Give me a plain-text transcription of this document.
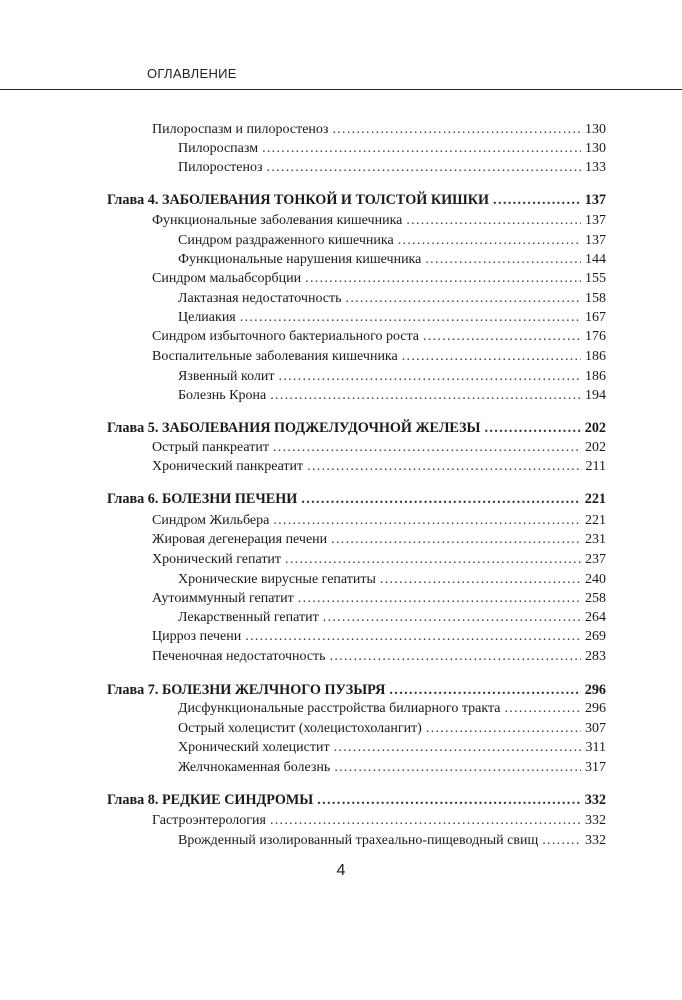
ОГЛАВЛЕНИЕ
Пилороспазм и пилоростеноз . . .	130
Пилороспазм . . .	130
Пилоростеноз . . .	133
Глава 4. ЗАБОЛЕВАНИЯ ТОНКОЙ И ТОЛСТОЙ КИШКИ . . .	137
Функциональные заболевания кишечника . . .	137
Синдром раздраженного кишечника . . .	137
Функциональные нарушения кишечника . . .	144
Синдром мальабсорбции . . .	155
Лактазная недостаточность . . .	158
Целиакия . . .	167
Синдром избыточного бактериального роста . . .	176
Воспалительные заболевания кишечника . . .	186
Язвенный колит . . .	186
Болезнь Крона . . .	194
Глава 5. ЗАБОЛЕВАНИЯ ПОДЖЕЛУДОЧНОЙ ЖЕЛЕЗЫ . . .	202
Острый панкреатит . . .	202
Хронический панкреатит . . .	211
Глава 6. БОЛЕЗНИ ПЕЧЕНИ . . .	221
Синдром Жильбера . . .	221
Жировая дегенерация печени . . .	231
Хронический гепатит . . .	237
Хронические вирусные гепатиты . . .	240
Аутоиммунный гепатит . . .	258
Лекарственный гепатит . . .	264
Цирроз печени . . .	269
Печеночная недостаточность . . .	283
Глава 7. БОЛЕЗНИ ЖЕЛЧНОГО ПУЗЫРЯ . . .	296
Дисфункциональные расстройства билиарного тракта . . .	296
Острый холецистит (холецистохолангит) . . .	307
Хронический холецистит . . .	311
Желчнокаменная болезнь . . .	317
Глава 8. РЕДКИЕ СИНДРОМЫ . . .	332
Гастроэнтерология . . .	332
Врожденный изолированный трахеально-пищеводный свищ . . .	332
4
